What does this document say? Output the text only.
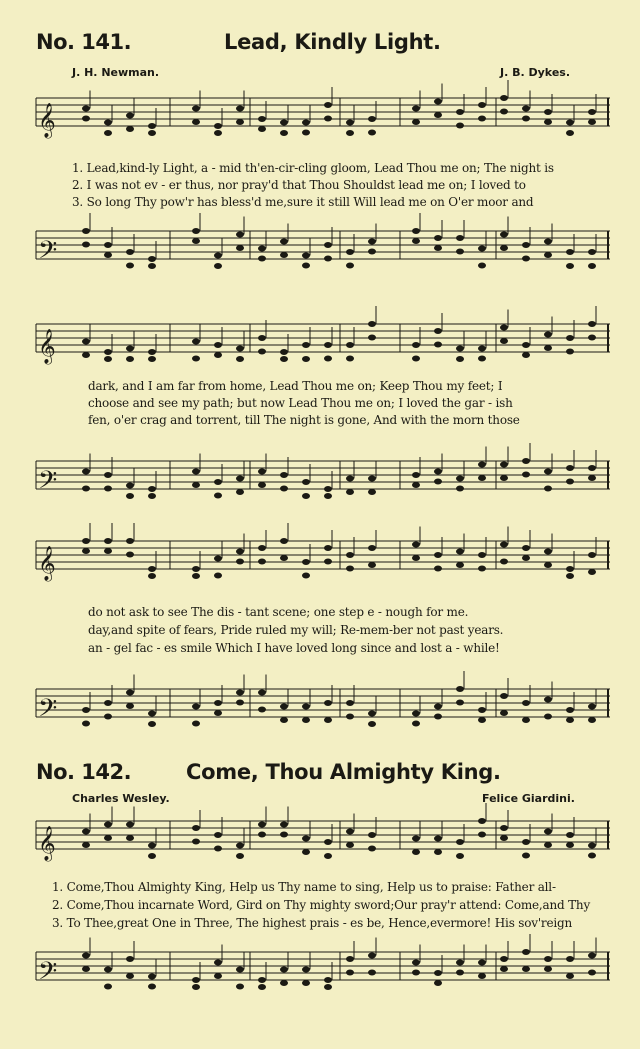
No. 141.	Lead, Kindly Light.
J. H. Newman.	J. B. Dykes.
𝄞
1. Lead,kind-ly Light, a - mid th'en-cir-cling gloom, Lead Thou me on; The night is
2. I was not ev - er thus, nor pray'd that Thou Shouldst lead me on; I loved to
3. So long Thy pow'r has bless'd me,sure it still Will lead me on O'er moor and
𝄢
𝄞
dark, and I am far from home, Lead Thou me on; Keep Thou my feet; I
choose and see my path; but now Lead Thou me on; I loved the gar - ish
fen, o'er crag and torrent, till The night is gone, And with the morn those
𝄢
𝄞
do not ask to see The dis - tant scene; one step e - nough for me.
day,and spite of fears, Pride ruled my will; Re-mem-ber not past years.
an - gel fac - es smile Which I have loved long since and lost a - while!
𝄢
No. 142.	Come, Thou Almighty King.
Charles Wesley.	Felice Giardini.
𝄞
1. Come,Thou Almighty King, Help us Thy name to sing, Help us to praise: Father all-
2. Come,Thou incarnate Word, Gird on Thy mighty sword;Our pray'r attend: Come,and Thy
3. To Thee,great One in Three, The highest prais - es be, Hence,evermore! His sov'reign
𝄢
